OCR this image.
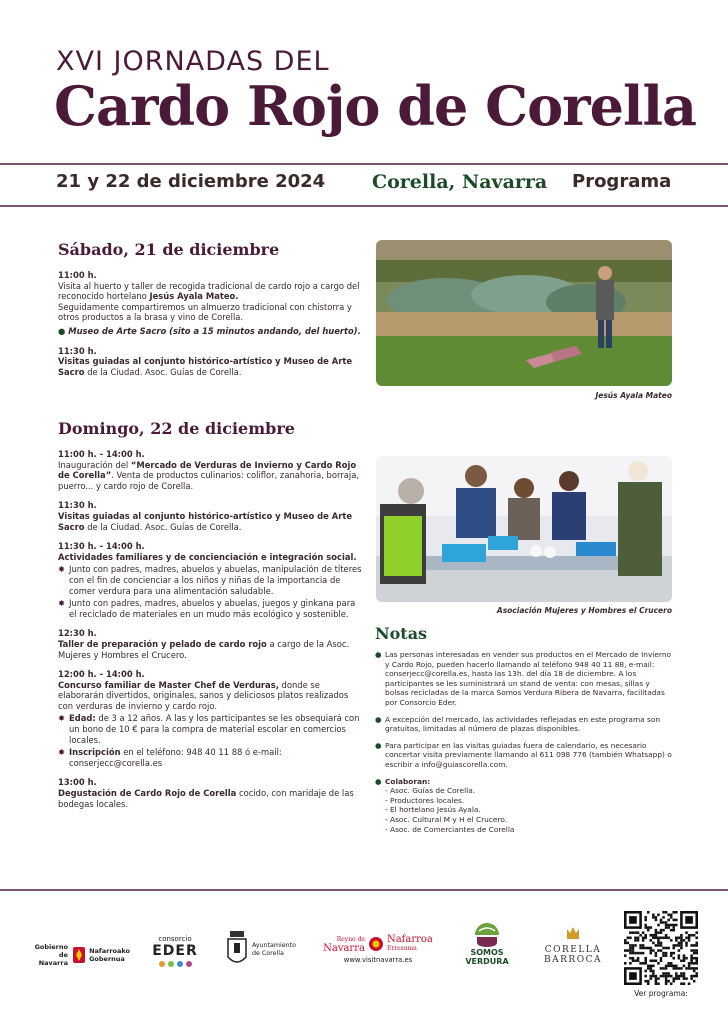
XVI JORNADAS DEL
Cardo Rojo de Corella
21 y 22 de diciembre 2024 Corella, Navarra Programa
Sábado, 21 de diciembre
11:00 h.
Visita al huerto y taller de recogida tradicional de cardo rojo a cargo del reconocido hortelano Jesús Ayala Mateo.
Seguidamente compartiremos un almuerzo tradicional con chistorra y otros productos a la brasa y vino de Corella.
● Museo de Arte Sacro (sito a 15 minutos andando, del huerto).
11:30 h.
Visitas guiadas al conjunto histórico-artístico y Museo de Arte Sacro de la Ciudad. Asoc. Guías de Corella.
Jesús Ayala Mateo
Domingo, 22 de diciembre
11:00 h. - 14:00 h.
Inauguración del “Mercado de Verduras de Invierno y Cardo Rojo de Corella”. Venta de productos culinarios: coliflor, zanahoria, borraja, puerro... y cardo rojo de Corella.
11:30 h.
Visitas guiadas al conjunto histórico-artístico y Museo de Arte Sacro de la Ciudad. Asoc. Guías de Corella.
11:30 h. - 14:00 h.
Actividades familiares y de concienciación e integración social.
✸ Junto con padres, madres, abuelos y abuelas, manipulación de títeres con el fin de concienciar a los niños y niñas de la importancia de comer verdura para una alimentación saludable.
✸ Junto con padres, madres, abuelos y abuelas, juegos y ginkana para el reciclado de materiales en un mudo más ecológico y sostenible.
12:30 h.
Taller de preparación y pelado de cardo rojo a cargo de la Asoc. Mujeres y Hombres el Crucero.
12:00 h. - 14:00 h.
Concurso familiar de Master Chef de Verduras, donde se elaborarán divertidos, originales, sanos y deliciosos platos realizados con verduras de invierno y cardo rojo.
✸ Edad: de 3 a 12 años. A las y los participantes se les obsequiará con un bono de 10 € para la compra de material escolar en comercios locales.
✸ Inscripción en el teléfono: 948 40 11 88 ó e-mail: conserjecc@corella.es
13:00 h.
Degustación de Cardo Rojo de Corella cocido, con maridaje de las bodegas locales.
Asociación Mujeres y Hombres el Crucero
Notas
● Las personas interesadas en vender sus productos en el Mercado de Invierno y Cardo Rojo, pueden hacerlo llamando al teléfono 948 40 11 88, e-mail: conserjecc@corella.es, hasta las 13h. del día 18 de diciembre. A los participantes se les suministrará un stand de venta: con mesas, sillas y bolsas recicladas de la marca Somos Verdura Ribera de Navarra, facilitadas por Consorcio Eder.
● A excepción del mercado, las actividades reflejadas en este programa son gratuitas, limitadas al número de plazas disponibles.
● Para participar en las visitas guiadas fuera de calendario, es necesario concertar visita previamente llamando al 611 098 776 (también Whatsapp) o escribir a info@guiascorella.com.
● Colaboran:
- Asoc. Guías de Corella.
- Productores locales.
- El hortelano Jesús Ayala.
- Asoc. Cultural M y H el Crucero.
- Asoc. de Comerciantes de Corella
Gobierno
de Navarra
Nafarroako
Gobernua
consorcio
EDER	Ayuntamiento
de Corella
Reyno de
Navarra
Nafarroa
Erresuma
www.visitnavarra.es
SOMOS
VERDURA
CORELLA
BARROCA
Ver programa:
